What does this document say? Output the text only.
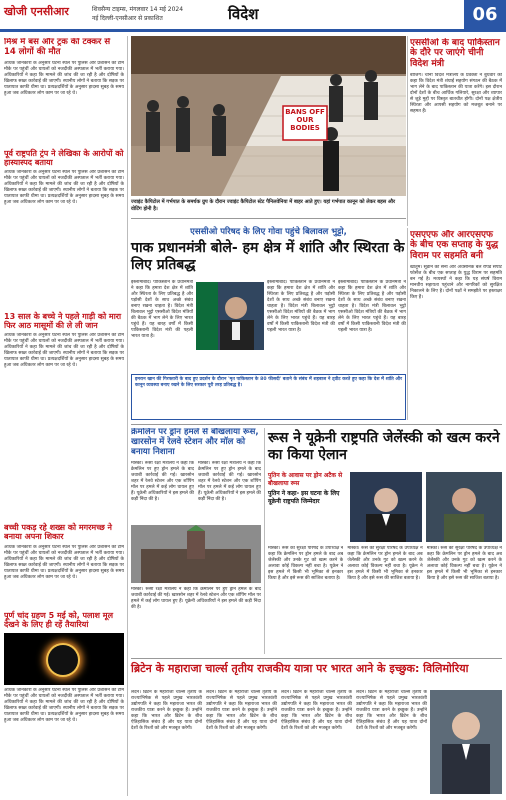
खोजी एनसीआर	शिवसैन्य टाइम्स, मंगलवार 14 मई 2024
नई दिल्ली-एनसीआर से प्रकाशित	विदेश	06
मिश्र में बस और ट्रक की टक्कर से 14 लोगों की मौत
अधिक जानकारी के अनुसार घटना स्थल पर पुलिस और प्रशासन की टीमें मौके पर पहुंचीं और घायलों को नजदीकी अस्पताल में भर्ती कराया गया। अधिकारियों ने कहा कि मामले की जांच की जा रही है और दोषियों के खिलाफ सख्त कार्रवाई की जाएगी। स्थानीय लोगों ने बताया कि सड़क पर यातायात काफी धीमा था। प्रत्यक्षदर्शियों के अनुसार हादसा सुबह के समय हुआ जब अधिकतर लोग काम पर जा रहे थे।
पूर्व राष्ट्रपति ट्रंप ने लेखिका के आरोपों को हास्यास्पद बताया
अधिक जानकारी के अनुसार घटना स्थल पर पुलिस और प्रशासन की टीमें मौके पर पहुंचीं और घायलों को नजदीकी अस्पताल में भर्ती कराया गया। अधिकारियों ने कहा कि मामले की जांच की जा रही है और दोषियों के खिलाफ सख्त कार्रवाई की जाएगी। स्थानीय लोगों ने बताया कि सड़क पर यातायात काफी धीमा था। प्रत्यक्षदर्शियों के अनुसार हादसा सुबह के समय हुआ जब अधिकतर लोग काम पर जा रहे थे।
13 साल के बच्चे ने पहले गाड़ी को मारा फिर आठ मासूमों की ले ली जान
अधिक जानकारी के अनुसार घटना स्थल पर पुलिस और प्रशासन की टीमें मौके पर पहुंचीं और घायलों को नजदीकी अस्पताल में भर्ती कराया गया। अधिकारियों ने कहा कि मामले की जांच की जा रही है और दोषियों के खिलाफ सख्त कार्रवाई की जाएगी। स्थानीय लोगों ने बताया कि सड़क पर यातायात काफी धीमा था। प्रत्यक्षदर्शियों के अनुसार हादसा सुबह के समय हुआ जब अधिकतर लोग काम पर जा रहे थे।
बच्ची पकड़ रहे शख्स को मगरमच्छ ने बनाया अपना शिकार
अधिक जानकारी के अनुसार घटना स्थल पर पुलिस और प्रशासन की टीमें मौके पर पहुंचीं और घायलों को नजदीकी अस्पताल में भर्ती कराया गया। अधिकारियों ने कहा कि मामले की जांच की जा रही है और दोषियों के खिलाफ सख्त कार्रवाई की जाएगी। स्थानीय लोगों ने बताया कि सड़क पर यातायात काफी धीमा था। प्रत्यक्षदर्शियों के अनुसार हादसा सुबह के समय हुआ जब अधिकतर लोग काम पर जा रहे थे।
पूर्ण चांद ग्रहण 5 मई को, पलाश मूल देखने के लिए ही रहें तैयारियां
अधिक जानकारी के अनुसार घटना स्थल पर पुलिस और प्रशासन की टीमें मौके पर पहुंचीं और घायलों को नजदीकी अस्पताल में भर्ती कराया गया। अधिकारियों ने कहा कि मामले की जांच की जा रही है और दोषियों के खिलाफ सख्त कार्रवाई की जाएगी। स्थानीय लोगों ने बताया कि सड़क पर यातायात काफी धीमा था। प्रत्यक्षदर्शियों के अनुसार हादसा सुबह के समय हुआ जब अधिकतर लोग काम पर जा रहे थे।
BANS OFF OUR BODIES
ज्वाइंट कैपिटोल में गर्भपात के समर्थक ग्रुप के दौरान ज्वाइंट कैपिटोल स्टेट पैनिलवेनिया में बाहर आते हुए। यहां गर्भपात कानून को लेकर बहस और वोटिंग होनी है।
एससीओ के बाद पाकिस्तान के दौरे पर जाएंगे चीनी विदेश मंत्री
बीजिंग। चीनी विदेश मंत्रालय के प्रवक्ता ने बुधवार को कहा कि विदेश मंत्री शंघाई सहयोग संगठन की बैठक में भाग लेने के बाद पाकिस्तान की यात्रा करेंगे। इस दौरान दोनों देशों के बीच आर्थिक गलियारे, सुरक्षा और व्यापार से जुड़े मुद्दों पर विस्तृत बातचीत होगी। दोनों पक्ष क्षेत्रीय स्थिरता और आपसी सहयोग को मजबूत बनाने पर सहमत हैं।
एससीओ परिषद के लिए गोवा पहुंचे बिलावल भुट्टो,
पाक प्रधानमंत्री बोले- हम क्षेत्र में शांति और स्थिरता के लिए प्रतिबद्ध
इस्लामाबाद। पाकिस्तान के प्रधानमंत्री ने कहा कि हमारा देश क्षेत्र में शांति और स्थिरता के लिए प्रतिबद्ध है और पड़ोसी देशों के साथ अच्छे संबंध बनाए रखना चाहता है। विदेश मंत्री बिलावल भुट्टो एससीओ विदेश मंत्रियों की बैठक में भाग लेने के लिए भारत पहुंचे हैं। यह बारह वर्षों में किसी पाकिस्तानी विदेश मंत्री की पहली भारत यात्रा है।
इस्लामाबाद। पाकिस्तान के प्रधानमंत्री ने कहा कि हमारा देश क्षेत्र में शांति और स्थिरता के लिए प्रतिबद्ध है और पड़ोसी देशों के साथ अच्छे संबंध बनाए रखना चाहता है। विदेश मंत्री बिलावल भुट्टो एससीओ विदेश मंत्रियों की बैठक में भाग लेने के लिए भारत पहुंचे हैं। यह बारह वर्षों में किसी पाकिस्तानी विदेश मंत्री की पहली भारत यात्रा है।
इस्लामाबाद। पाकिस्तान के प्रधानमंत्री ने कहा कि हमारा देश क्षेत्र में शांति और स्थिरता के लिए प्रतिबद्ध है और पड़ोसी देशों के साथ अच्छे संबंध बनाए रखना चाहता है। विदेश मंत्री बिलावल भुट्टो एससीओ विदेश मंत्रियों की बैठक में भाग लेने के लिए भारत पहुंचे हैं। यह बारह वर्षों में किसी पाकिस्तानी विदेश मंत्री की पहली भारत यात्रा है।
इमरान खान की गिरफ्तारी के बाद हुए प्रदर्शन के दौरान 'मृत पाकिस्तान के 80 फीसदी' बताने के संबंध में शहबाज ने ट्वीट करते हुए कहा कि देश में शांति और कानून व्यवस्था बनाए रखने के लिए सरकार पूरी तरह प्रतिबद्ध है।
एसएएफ और आरएसएफ के बीच एक सप्ताह के युद्ध विराम पर सहमति बनी
खार्तूम। सूडान की सेना और अर्धसैनिक बल रैपिड सपोर्ट फोर्सेज के बीच एक सप्ताह के युद्ध विराम पर सहमति बन गई है। मध्यस्थों ने कहा कि यह संघर्ष विराम मानवीय सहायता पहुंचाने और नागरिकों को सुरक्षित निकालने के लिए है। दोनों पक्षों ने समझौते पर हस्ताक्षर किए हैं।
क्रेमलिन पर ड्रोन हमले से बौखलाया रूस, खारसोन में रेलवे स्टेशन और मॉल को बनाया निशाना
मास्को। रूसी रक्षा मंत्रालय ने कहा कि क्रेमलिन पर हुए ड्रोन हमले के बाद जवाबी कार्रवाई की गई। खारसोन शहर में रेलवे स्टेशन और एक शॉपिंग मॉल पर हमले में कई लोग घायल हुए हैं। यूक्रेनी अधिकारियों ने इस हमले की कड़ी निंदा की है।
मास्को। रूसी रक्षा मंत्रालय ने कहा कि क्रेमलिन पर हुए ड्रोन हमले के बाद जवाबी कार्रवाई की गई। खारसोन शहर में रेलवे स्टेशन और एक शॉपिंग मॉल पर हमले में कई लोग घायल हुए हैं। यूक्रेनी अधिकारियों ने इस हमले की कड़ी निंदा की है।
मास्को। रूसी रक्षा मंत्रालय ने कहा कि क्रेमलिन पर हुए ड्रोन हमले के बाद जवाबी कार्रवाई की गई। खारसोन शहर में रेलवे स्टेशन और एक शॉपिंग मॉल पर हमले में कई लोग घायल हुए हैं। यूक्रेनी अधिकारियों ने इस हमले की कड़ी निंदा की है।
रूस ने यूक्रेनी राष्ट्रपति जेलेंस्की को खत्म करने का किया ऐलान
पुतिन के आवास पर ड्रोन अटैक से बौखलाया रूस
पुतिन ने कहा- इस घटना के लिए यूक्रेनी राष्ट्रपति जिम्मेदार
मास्को। रूस की सुरक्षा परिषद के उपाध्यक्ष ने कहा कि क्रेमलिन पर ड्रोन हमले के बाद अब जेलेंस्की और उनके गुट को खत्म करने के अलावा कोई विकल्प नहीं बचा है। यूक्रेन ने इस हमले में किसी भी भूमिका से इनकार किया है और इसे रूस की साजिश बताया है।
मास्को। रूस की सुरक्षा परिषद के उपाध्यक्ष ने कहा कि क्रेमलिन पर ड्रोन हमले के बाद अब जेलेंस्की और उनके गुट को खत्म करने के अलावा कोई विकल्प नहीं बचा है। यूक्रेन ने इस हमले में किसी भी भूमिका से इनकार किया है और इसे रूस की साजिश बताया है।
मास्को। रूस की सुरक्षा परिषद के उपाध्यक्ष ने कहा कि क्रेमलिन पर ड्रोन हमले के बाद अब जेलेंस्की और उनके गुट को खत्म करने के अलावा कोई विकल्प नहीं बचा है। यूक्रेन ने इस हमले में किसी भी भूमिका से इनकार किया है और इसे रूस की साजिश बताया है।
ब्रिटेन के महाराजा चार्ल्स तृतीय राजकीय यात्रा पर भारत आने के इच्छुक: विलिमोरिया
लंदन। ब्रिटेन के महाराजा चार्ल्स तृतीय के राज्याभिषेक से पहले प्रमुख भारतवंशी उद्योगपति ने कहा कि महाराजा भारत की राजकीय यात्रा करने के इच्छुक हैं। उन्होंने कहा कि भारत और ब्रिटेन के बीच ऐतिहासिक संबंध हैं और यह यात्रा दोनों देशों के रिश्तों को और मजबूत करेगी।
लंदन। ब्रिटेन के महाराजा चार्ल्स तृतीय के राज्याभिषेक से पहले प्रमुख भारतवंशी उद्योगपति ने कहा कि महाराजा भारत की राजकीय यात्रा करने के इच्छुक हैं। उन्होंने कहा कि भारत और ब्रिटेन के बीच ऐतिहासिक संबंध हैं और यह यात्रा दोनों देशों के रिश्तों को और मजबूत करेगी।
लंदन। ब्रिटेन के महाराजा चार्ल्स तृतीय के राज्याभिषेक से पहले प्रमुख भारतवंशी उद्योगपति ने कहा कि महाराजा भारत की राजकीय यात्रा करने के इच्छुक हैं। उन्होंने कहा कि भारत और ब्रिटेन के बीच ऐतिहासिक संबंध हैं और यह यात्रा दोनों देशों के रिश्तों को और मजबूत करेगी।
लंदन। ब्रिटेन के महाराजा चार्ल्स तृतीय के राज्याभिषेक से पहले प्रमुख भारतवंशी उद्योगपति ने कहा कि महाराजा भारत की राजकीय यात्रा करने के इच्छुक हैं। उन्होंने कहा कि भारत और ब्रिटेन के बीच ऐतिहासिक संबंध हैं और यह यात्रा दोनों देशों के रिश्तों को और मजबूत करेगी।
